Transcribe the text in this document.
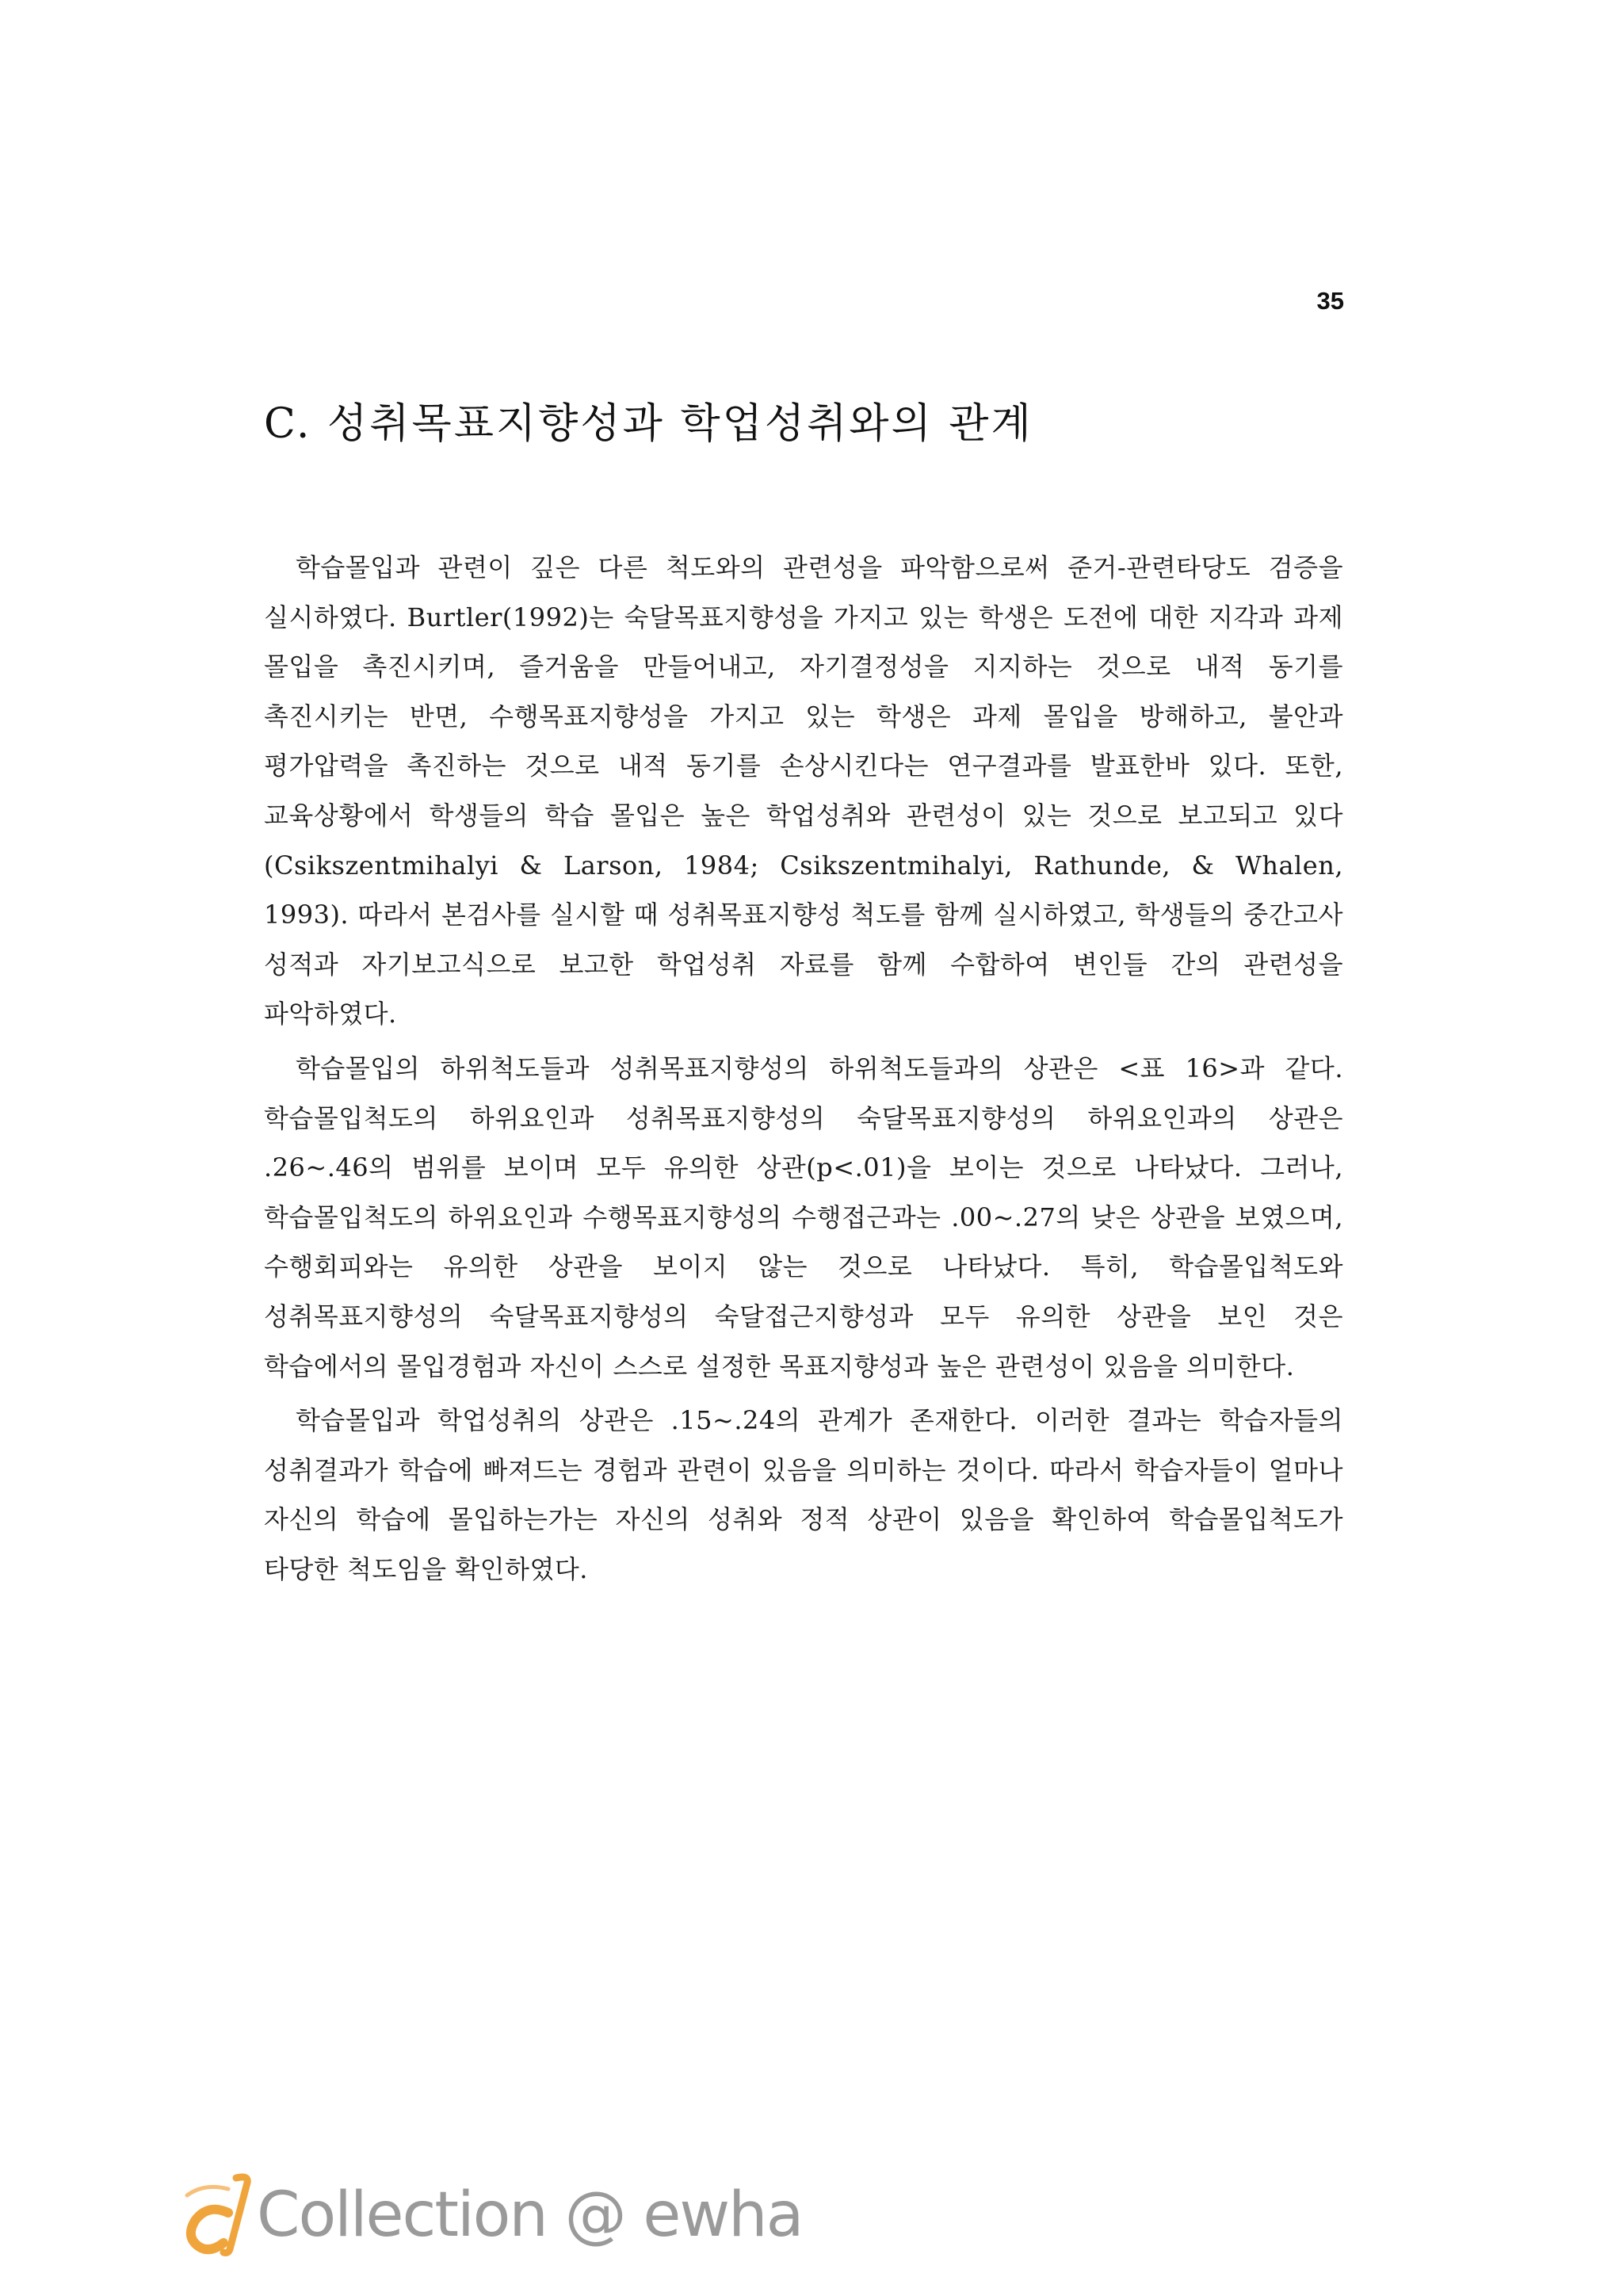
35
C. 성취목표지향성과 학업성취와의 관계

학습몰입과 관련이 깊은 다른 척도와의 관련성을 파악함으로써 준거-관련타당도 검증을 실시하였다. Burtler(1992)는 숙달목표지향성을 가지고 있는 학생은 도전에 대한 지각과 과제 몰입을 촉진시키며, 즐거움을 만들어내고, 자기결정성을 지지하는 것으로 내적 동기를 촉진시키는 반면, 수행목표지향성을 가지고 있는 학생은 과제 몰입을 방해하고, 불안과 평가압력을 촉진하는 것으로 내적 동기를 손상시킨다는 연구결과를 발표한바 있다. 또한, 교육상황에서 학생들의 학습 몰입은 높은 학업성취와 관련성이 있는 것으로 보고되고 있다(Csikszentmihalyi & Larson, 1984; Csikszentmihalyi, Rathunde, & Whalen, 1993). 따라서 본검사를 실시할 때 성취목표지향성 척도를 함께 실시하였고, 학생들의 중간고사 성적과 자기보고식으로 보고한 학업성취 자료를 함께 수합하여 변인들 간의 관련성을 파악하였다.

학습몰입의 하위척도들과 성취목표지향성의 하위척도들과의 상관은 <표 16>과 같다. 학습몰입척도의 하위요인과 성취목표지향성의 숙달목표지향성의 하위요인과의 상관은 .26~.46의 범위를 보이며 모두 유의한 상관(p<.01)을 보이는 것으로 나타났다. 그러나, 학습몰입척도의 하위요인과 수행목표지향성의 수행접근과는 .00~.27의 낮은 상관을 보였으며, 수행회피와는 유의한 상관을 보이지 않는 것으로 나타났다. 특히, 학습몰입척도와 성취목표지향성의 숙달목표지향성의 숙달접근지향성과 모두 유의한 상관을 보인 것은 학습에서의 몰입경험과 자신이 스스로 설정한 목표지향성과 높은 관련성이 있음을 의미한다.

학습몰입과 학업성취의 상관은 .15~.24의 관계가 존재한다. 이러한 결과는 학습자들의 성취결과가 학습에 빠져드는 경험과 관련이 있음을 의미하는 것이다. 따라서 학습자들이 얼마나 자신의 학습에 몰입하는가는 자신의 성취와 정적 상관이 있음을 확인하여 학습몰입척도가 타당한 척도임을 확인하였다.

Collection @ ewha
